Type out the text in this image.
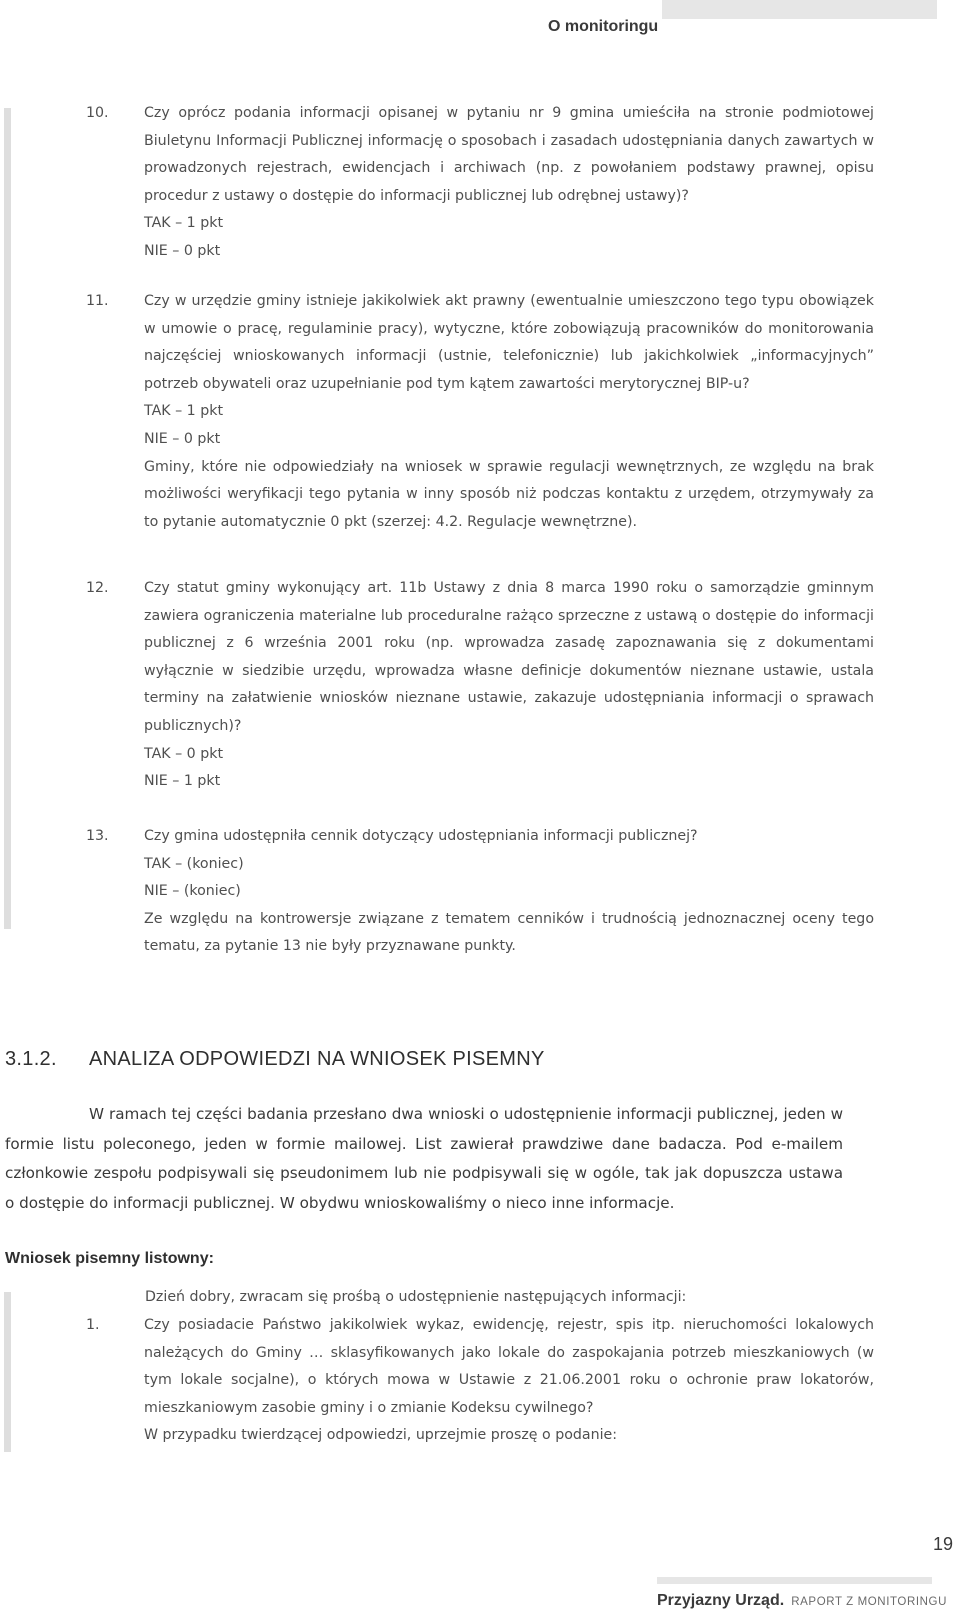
O monitoringu
10. Czy oprócz podania informacji opisanej w pytaniu nr 9 gmina umieściła na stronie podmiotowej Biuletynu Informacji Publicznej informację o sposobach i zasadach udostępniania danych zawartych w prowadzonych rejestrach, ewidencjach i archiwach (np. z powołaniem podstawy prawnej, opisu procedur z ustawy o dostępie do informacji publicznej lub odrębnej ustawy)?

TAK – 1 pkt

NIE – 0 pkt

11. Czy w urzędzie gminy istnieje jakikolwiek akt prawny (ewentualnie umieszczono tego typu obowiązek w umowie o pracę, regulaminie pracy), wytyczne, które zobowiązują pracowników do monitorowania najczęściej wnioskowanych informacji (ustnie, telefonicznie) lub jakichkolwiek „informacyjnych” potrzeb obywateli oraz uzupełnianie pod tym kątem zawartości merytorycznej BIP-u?

TAK – 1 pkt

NIE – 0 pkt

Gminy, które nie odpowiedziały na wniosek w sprawie regulacji wewnętrznych, ze względu na brak możliwości weryfikacji tego pytania w inny sposób niż podczas kontaktu z urzędem, otrzymywały za to pytanie automatycznie 0 pkt (szerzej: 4.2. Regulacje wewnętrzne).

12. Czy statut gminy wykonujący art. 11b Ustawy z dnia 8 marca 1990 roku o samorządzie gminnym zawiera ograniczenia materialne lub proceduralne rażąco sprzeczne z ustawą o dostępie do informacji publicznej z 6 września 2001 roku (np. wprowadza zasadę zapoznawania się z dokumentami wyłącznie w siedzibie urzędu, wprowadza własne definicje dokumentów nieznane ustawie, ustala terminy na załatwienie wniosków nieznane ustawie, zakazuje udostępniania informacji o sprawach publicznych)?

TAK – 0 pkt

NIE – 1 pkt

13. Czy gmina udostępniła cennik dotyczący udostępniania informacji publicznej?

TAK – (koniec)

NIE – (koniec)

Ze względu na kontrowersje związane z tematem cenników i trudnością jednoznacznej oceny tego tematu, za pytanie 13 nie były przyznawane punkty.

3.1.2. ANALIZA ODPOWIEDZI NA WNIOSEK PISEMNY

W ramach tej części badania przesłano dwa wnioski o udostępnienie informacji publicznej, jeden w formie listu poleconego, jeden w formie mailowej. List zawierał prawdziwe dane badacza. Pod e-mailem członkowie zespołu podpisywali się pseudonimem lub nie podpisywali się w ogóle, tak jak dopuszcza ustawa o dostępie do informacji publicznej. W obydwu wnioskowaliśmy o nieco inne informacje.

Wniosek pisemny listowny:
Dzień dobry, zwracam się prośbą o udostępnienie następujących informacji:
1.	Czy posiadacie Państwo jakikolwiek wykaz, ewidencję, rejestr, spis itp. nieruchomości lokalowych należących do Gminy … sklasyfikowanych jako lokale do zaspokajania potrzeb mieszkaniowych (w tym lokale socjalne), o których mowa w Ustawie z 21.06.2001 roku o ochronie praw lokatorów, mieszkaniowym zasobie gminy i o zmianie Kodeksu cywilnego?

W przypadku twierdzącej odpowiedzi, uprzejmie proszę o podanie:

19
Przyjazny Urząd. RAPORT Z MONITORINGU
